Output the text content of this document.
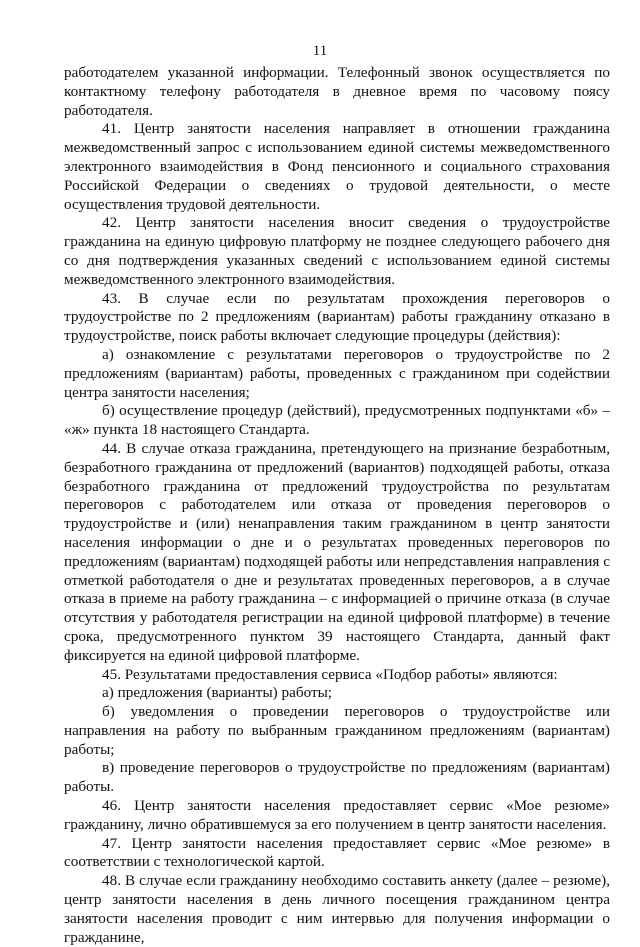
11

работодателем указанной информации. Телефонный звонок осуществляется по контактному телефону работодателя в дневное время по часовому поясу работодателя.

41. Центр занятости населения направляет в отношении гражданина межведомственный запрос с использованием единой системы межведомственного электронного взаимодействия в Фонд пенсионного и социального страхования Российской Федерации о сведениях о трудовой деятельности, о месте осуществления трудовой деятельности.

42. Центр занятости населения вносит сведения о трудоустройстве гражданина на единую цифровую платформу не позднее следующего рабочего дня со дня подтверждения указанных сведений с использованием единой системы межведомственного электронного взаимодействия.

43. В случае если по результатам прохождения переговоров о трудоустройстве по 2 предложениям (вариантам) работы гражданину отказано в трудоустройстве, поиск работы включает следующие процедуры (действия):

а) ознакомление с результатами переговоров о трудоустройстве по 2 предложениям (вариантам) работы, проведенных с гражданином при содействии центра занятости населения;

б) осуществление процедур (действий), предусмотренных подпунктами «б» – «ж» пункта 18 настоящего Стандарта.

44. В случае отказа гражданина, претендующего на признание безработным, безработного гражданина от предложений (вариантов) подходящей работы, отказа безработного гражданина от предложений трудоустройства по результатам переговоров с работодателем или отказа от проведения переговоров о трудоустройстве и (или) ненаправления таким гражданином в центр занятости населения информации о дне и о результатах проведенных переговоров по предложениям (вариантам) подходящей работы или непредставления направления с отметкой работодателя о дне и результатах проведенных переговоров, а в случае отказа в приеме на работу гражданина – с информацией о причине отказа (в случае отсутствия у работодателя регистрации на единой цифровой платформе) в течение срока, предусмотренного пунктом 39 настоящего Стандарта, данный факт фиксируется на единой цифровой платформе.

45. Результатами предоставления сервиса «Подбор работы» являются:

а) предложения (варианты) работы;

б) уведомления о проведении переговоров о трудоустройстве или направления на работу по выбранным гражданином предложениям (вариантам) работы;

в) проведение переговоров о трудоустройстве по предложениям (вариантам) работы.

46. Центр занятости населения предоставляет сервис «Мое резюме» гражданину, лично обратившемуся за его получением в центр занятости населения.

47. Центр занятости населения предоставляет сервис «Мое резюме» в соответствии с технологической картой.

48. В случае если гражданину необходимо составить анкету (далее – резюме), центр занятости населения в день личного посещения гражданином центра занятости населения проводит с ним интервью для получения информации о гражданине,
